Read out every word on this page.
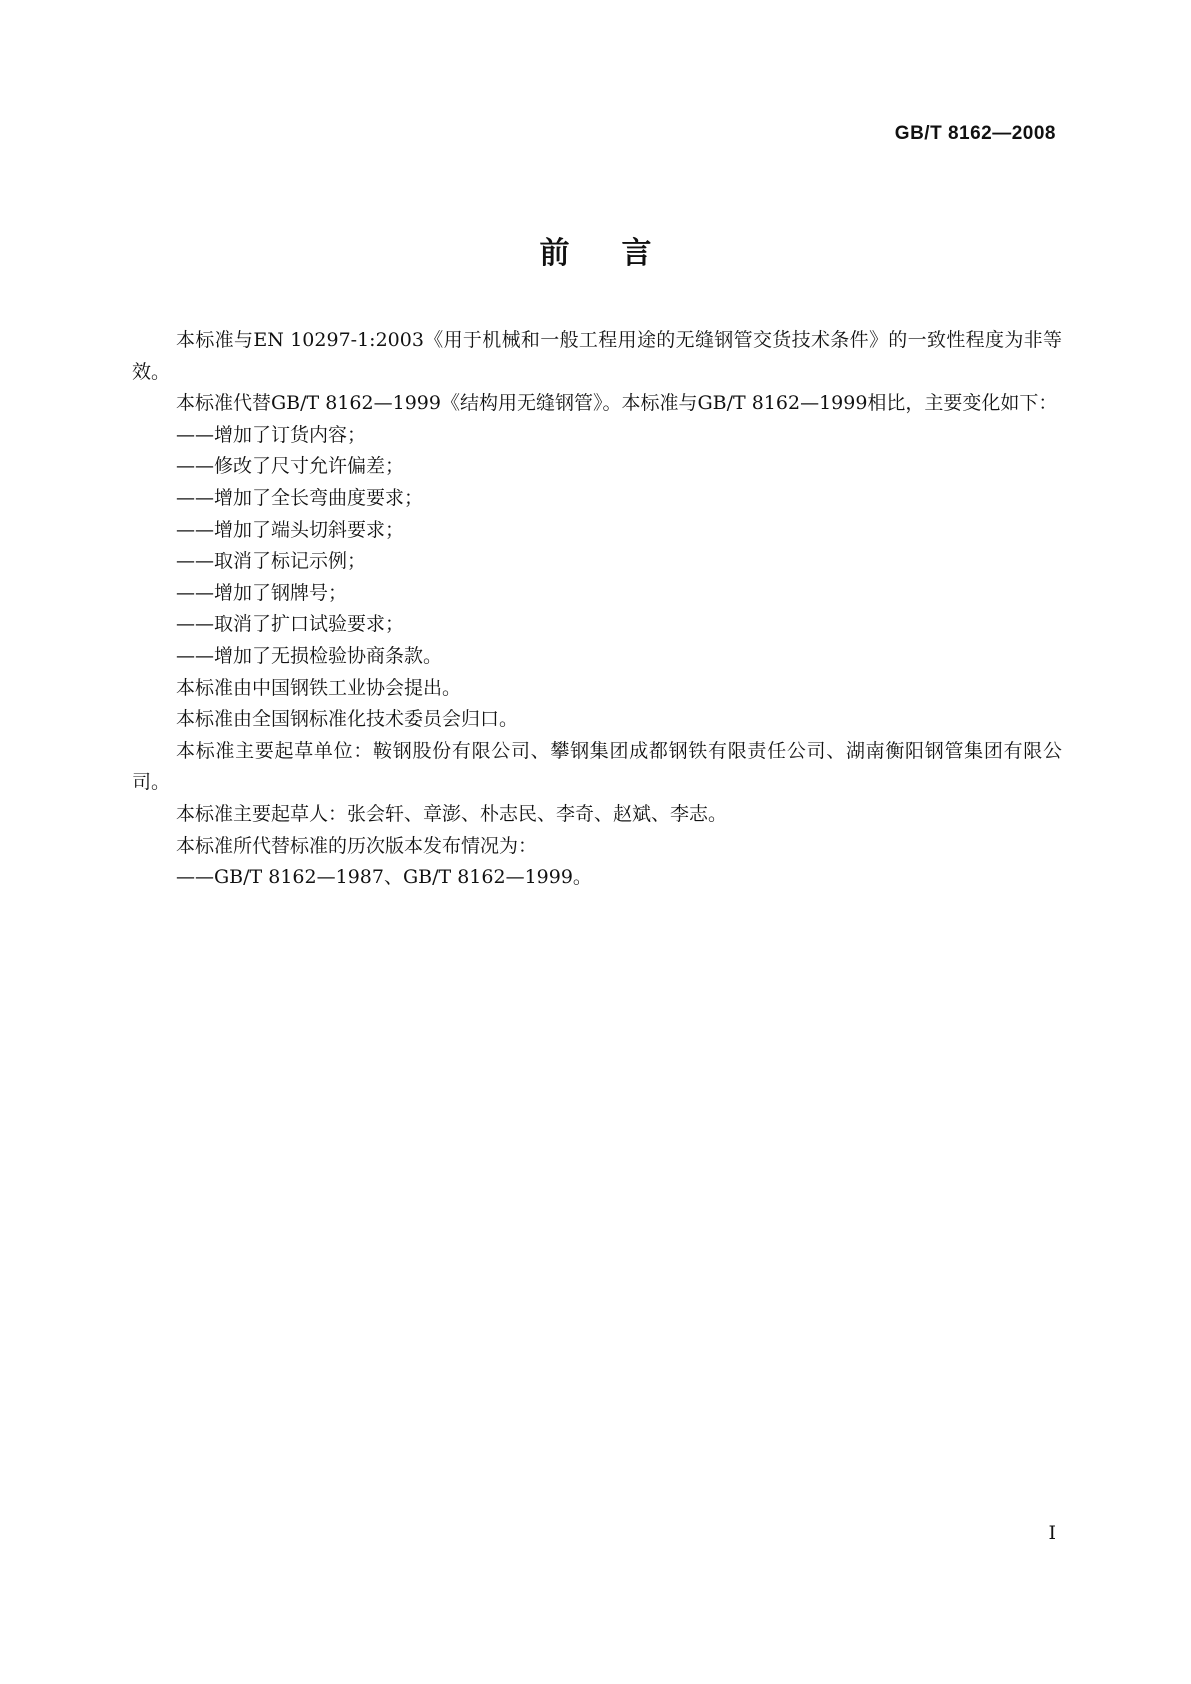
GB/T 8162—2008
前言

本标准与EN 10297-1:2003《用于机械和一般工程用途的无缝钢管交货技术条件》的一致性程度为非等效。

本标准代替GB/T 8162—1999《结构用无缝钢管》。本标准与GB/T 8162—1999相比，主要变化如下：

——增加了订货内容；

——修改了尺寸允许偏差；

——增加了全长弯曲度要求；

——增加了端头切斜要求；

——取消了标记示例；

——增加了钢牌号；

——取消了扩口试验要求；

——增加了无损检验协商条款。

本标准由中国钢铁工业协会提出。

本标准由全国钢标准化技术委员会归口。

本标准主要起草单位：鞍钢股份有限公司、攀钢集团成都钢铁有限责任公司、湖南衡阳钢管集团有限公司。

本标准主要起草人：张会轩、章澎、朴志民、李奇、赵斌、李志。

本标准所代替标准的历次版本发布情况为：

——GB/T 8162—1987、GB/T 8162—1999。

I
